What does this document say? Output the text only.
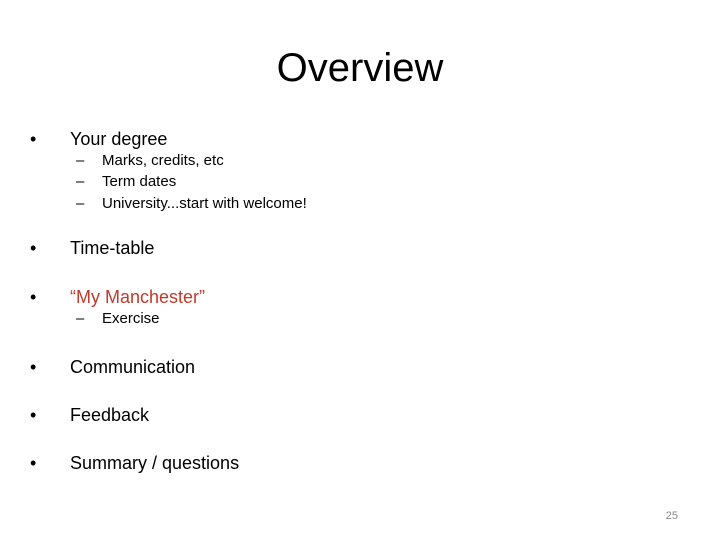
Overview
• Your degree
– Marks, credits, etc
– Term dates
– University...start with welcome!
• Time-table
• “My Manchester”
– Exercise
• Communication
• Feedback
• Summary / questions
25
